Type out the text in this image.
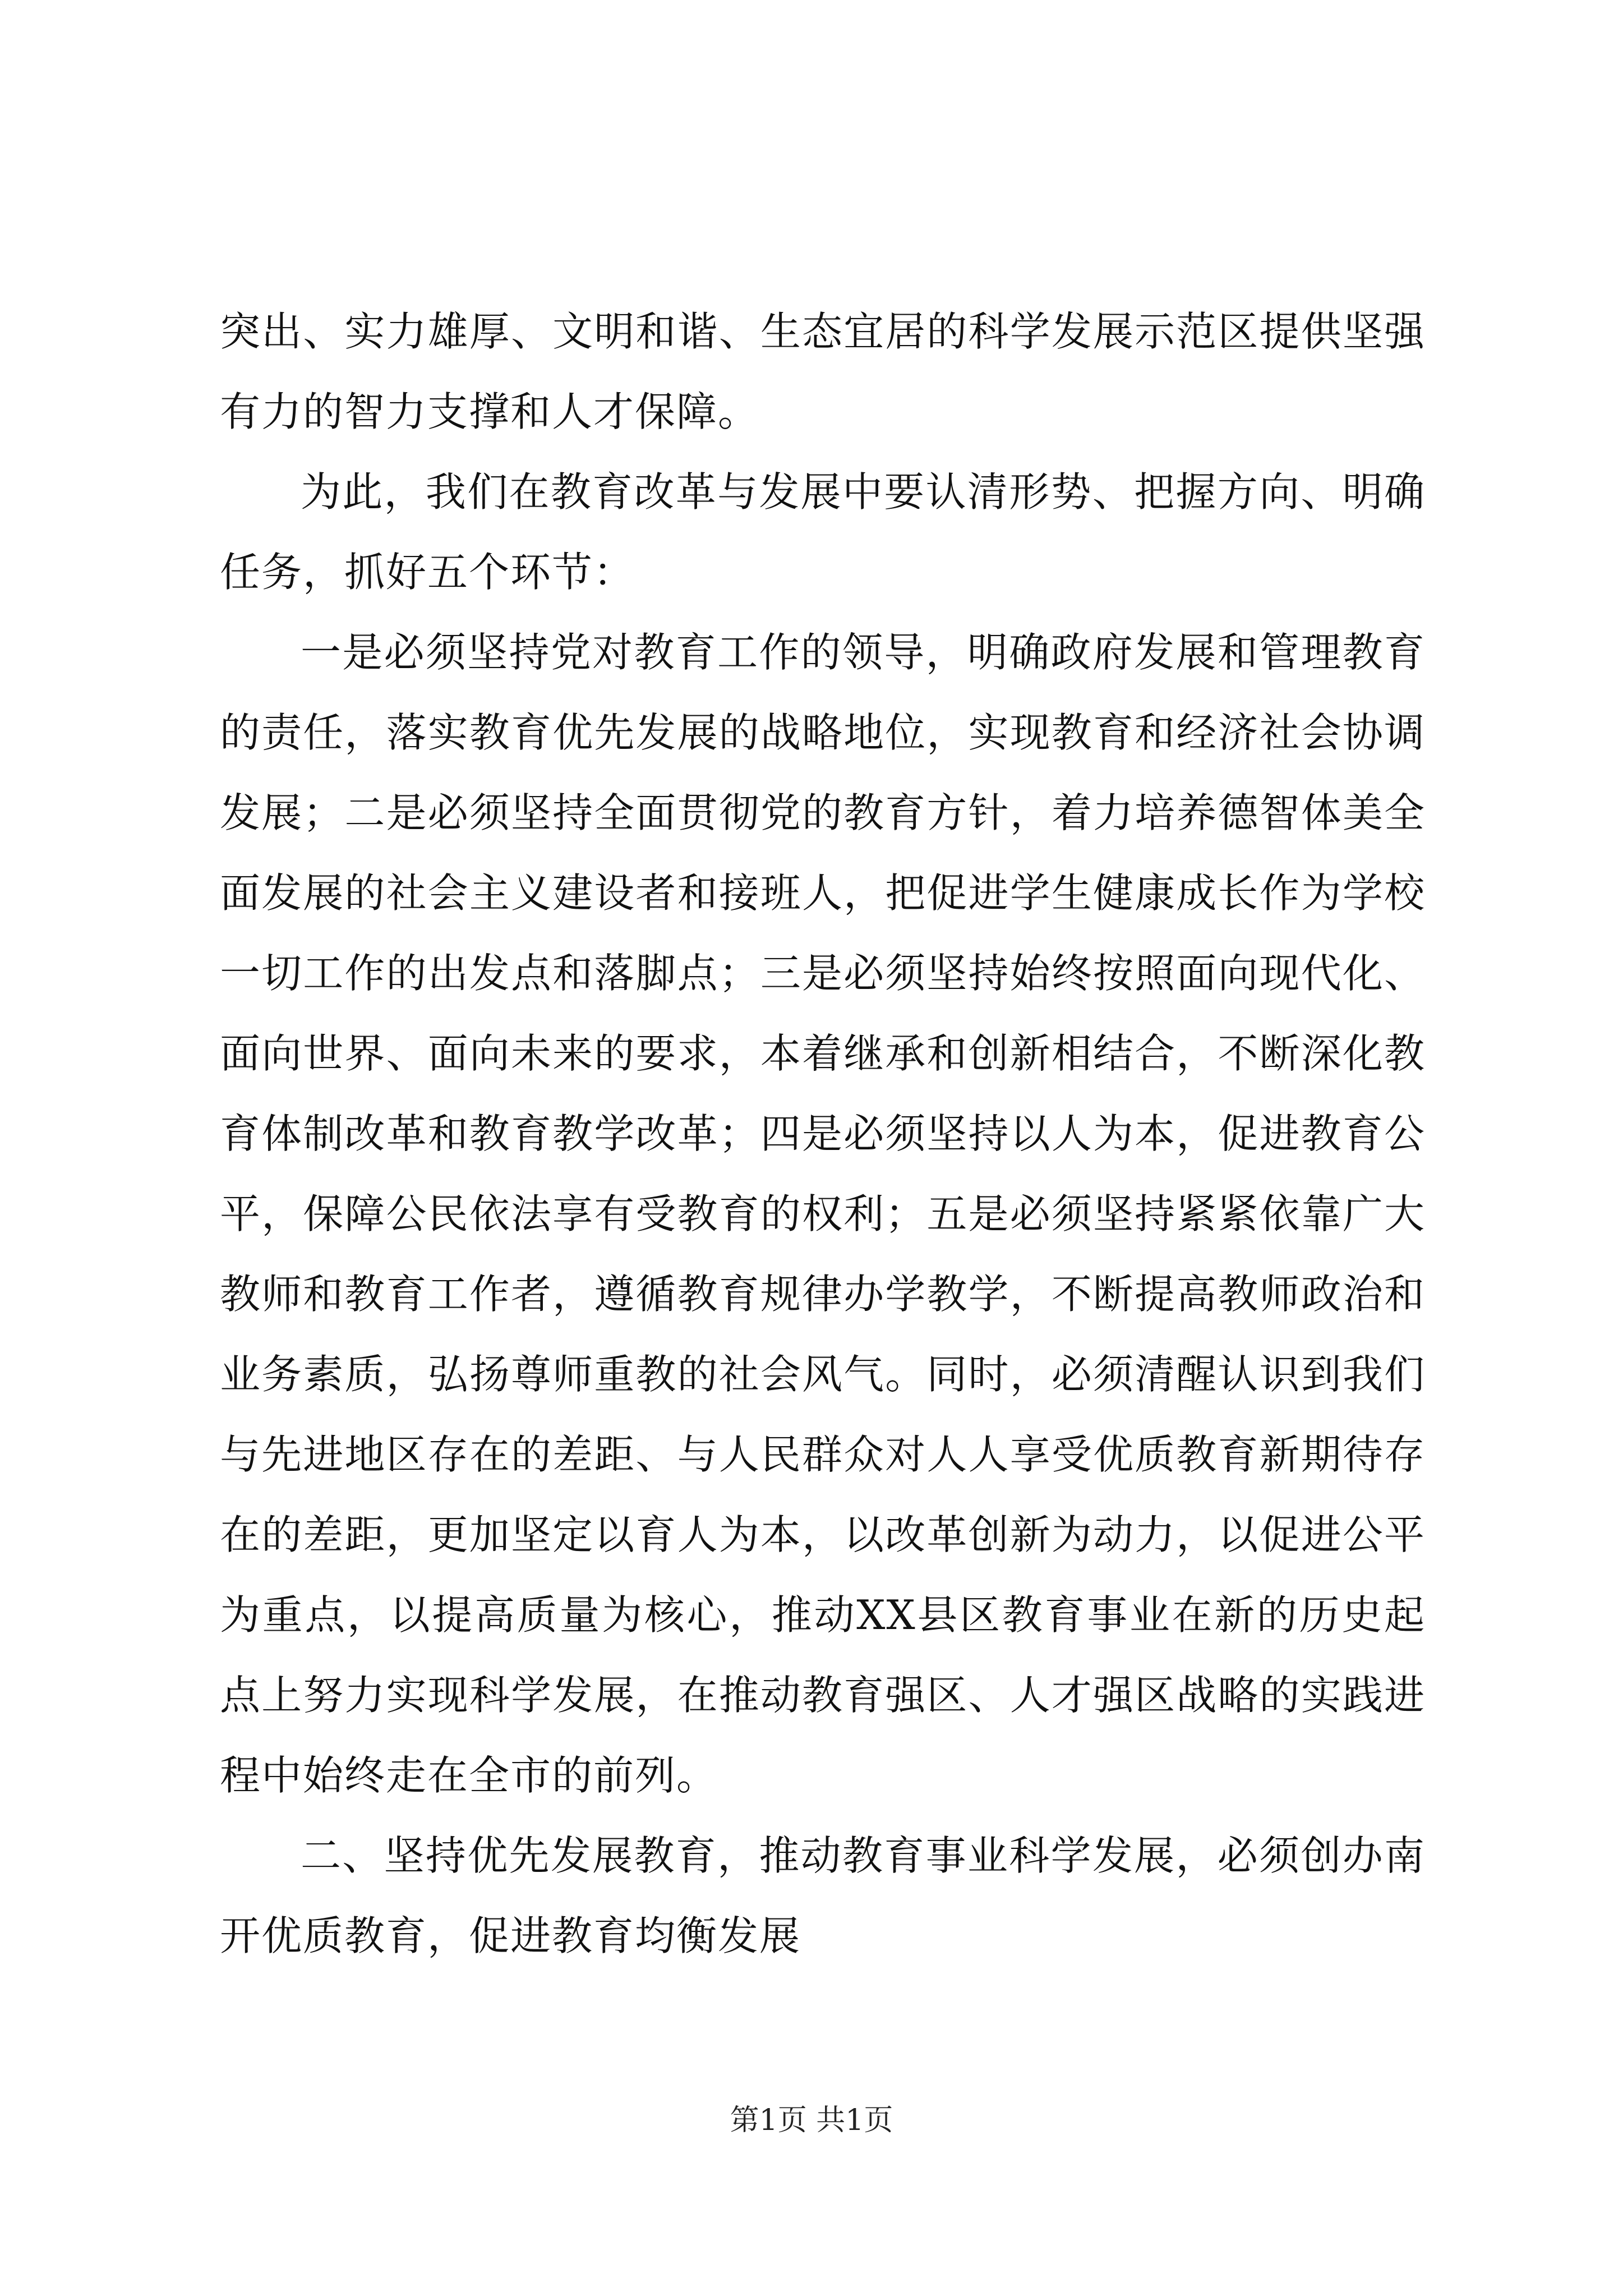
突出、实力雄厚、文明和谐、生态宜居的科学发展示范区提供坚强有力的智力支撑和人才保障。

为此，我们在教育改革与发展中要认清形势、把握方向、明确任务，抓好五个环节：

一是必须坚持党对教育工作的领导，明确政府发展和管理教育的责任，落实教育优先发展的战略地位，实现教育和经济社会协调发展；二是必须坚持全面贯彻党的教育方针，着力培养德智体美全面发展的社会主义建设者和接班人，把促进学生健康成长作为学校一切工作的出发点和落脚点；三是必须坚持始终按照面向现代化、面向世界、面向未来的要求，本着继承和创新相结合，不断深化教育体制改革和教育教学改革；四是必须坚持以人为本，促进教育公平，保障公民依法享有受教育的权利；五是必须坚持紧紧依靠广大教师和教育工作者，遵循教育规律办学教学，不断提高教师政治和业务素质，弘扬尊师重教的社会风气。同时，必须清醒认识到我们与先进地区存在的差距、与人民群众对人人享受优质教育新期待存在的差距，更加坚定以育人为本，以改革创新为动力，以促进公平为重点，以提高质量为核心，推动XX县区教育事业在新的历史起点上努力实现科学发展，在推动教育强区、人才强区战略的实践进程中始终走在全市的前列。

二、坚持优先发展教育，推动教育事业科学发展，必须创办南开优质教育，促进教育均衡发展

第1页 共1页
